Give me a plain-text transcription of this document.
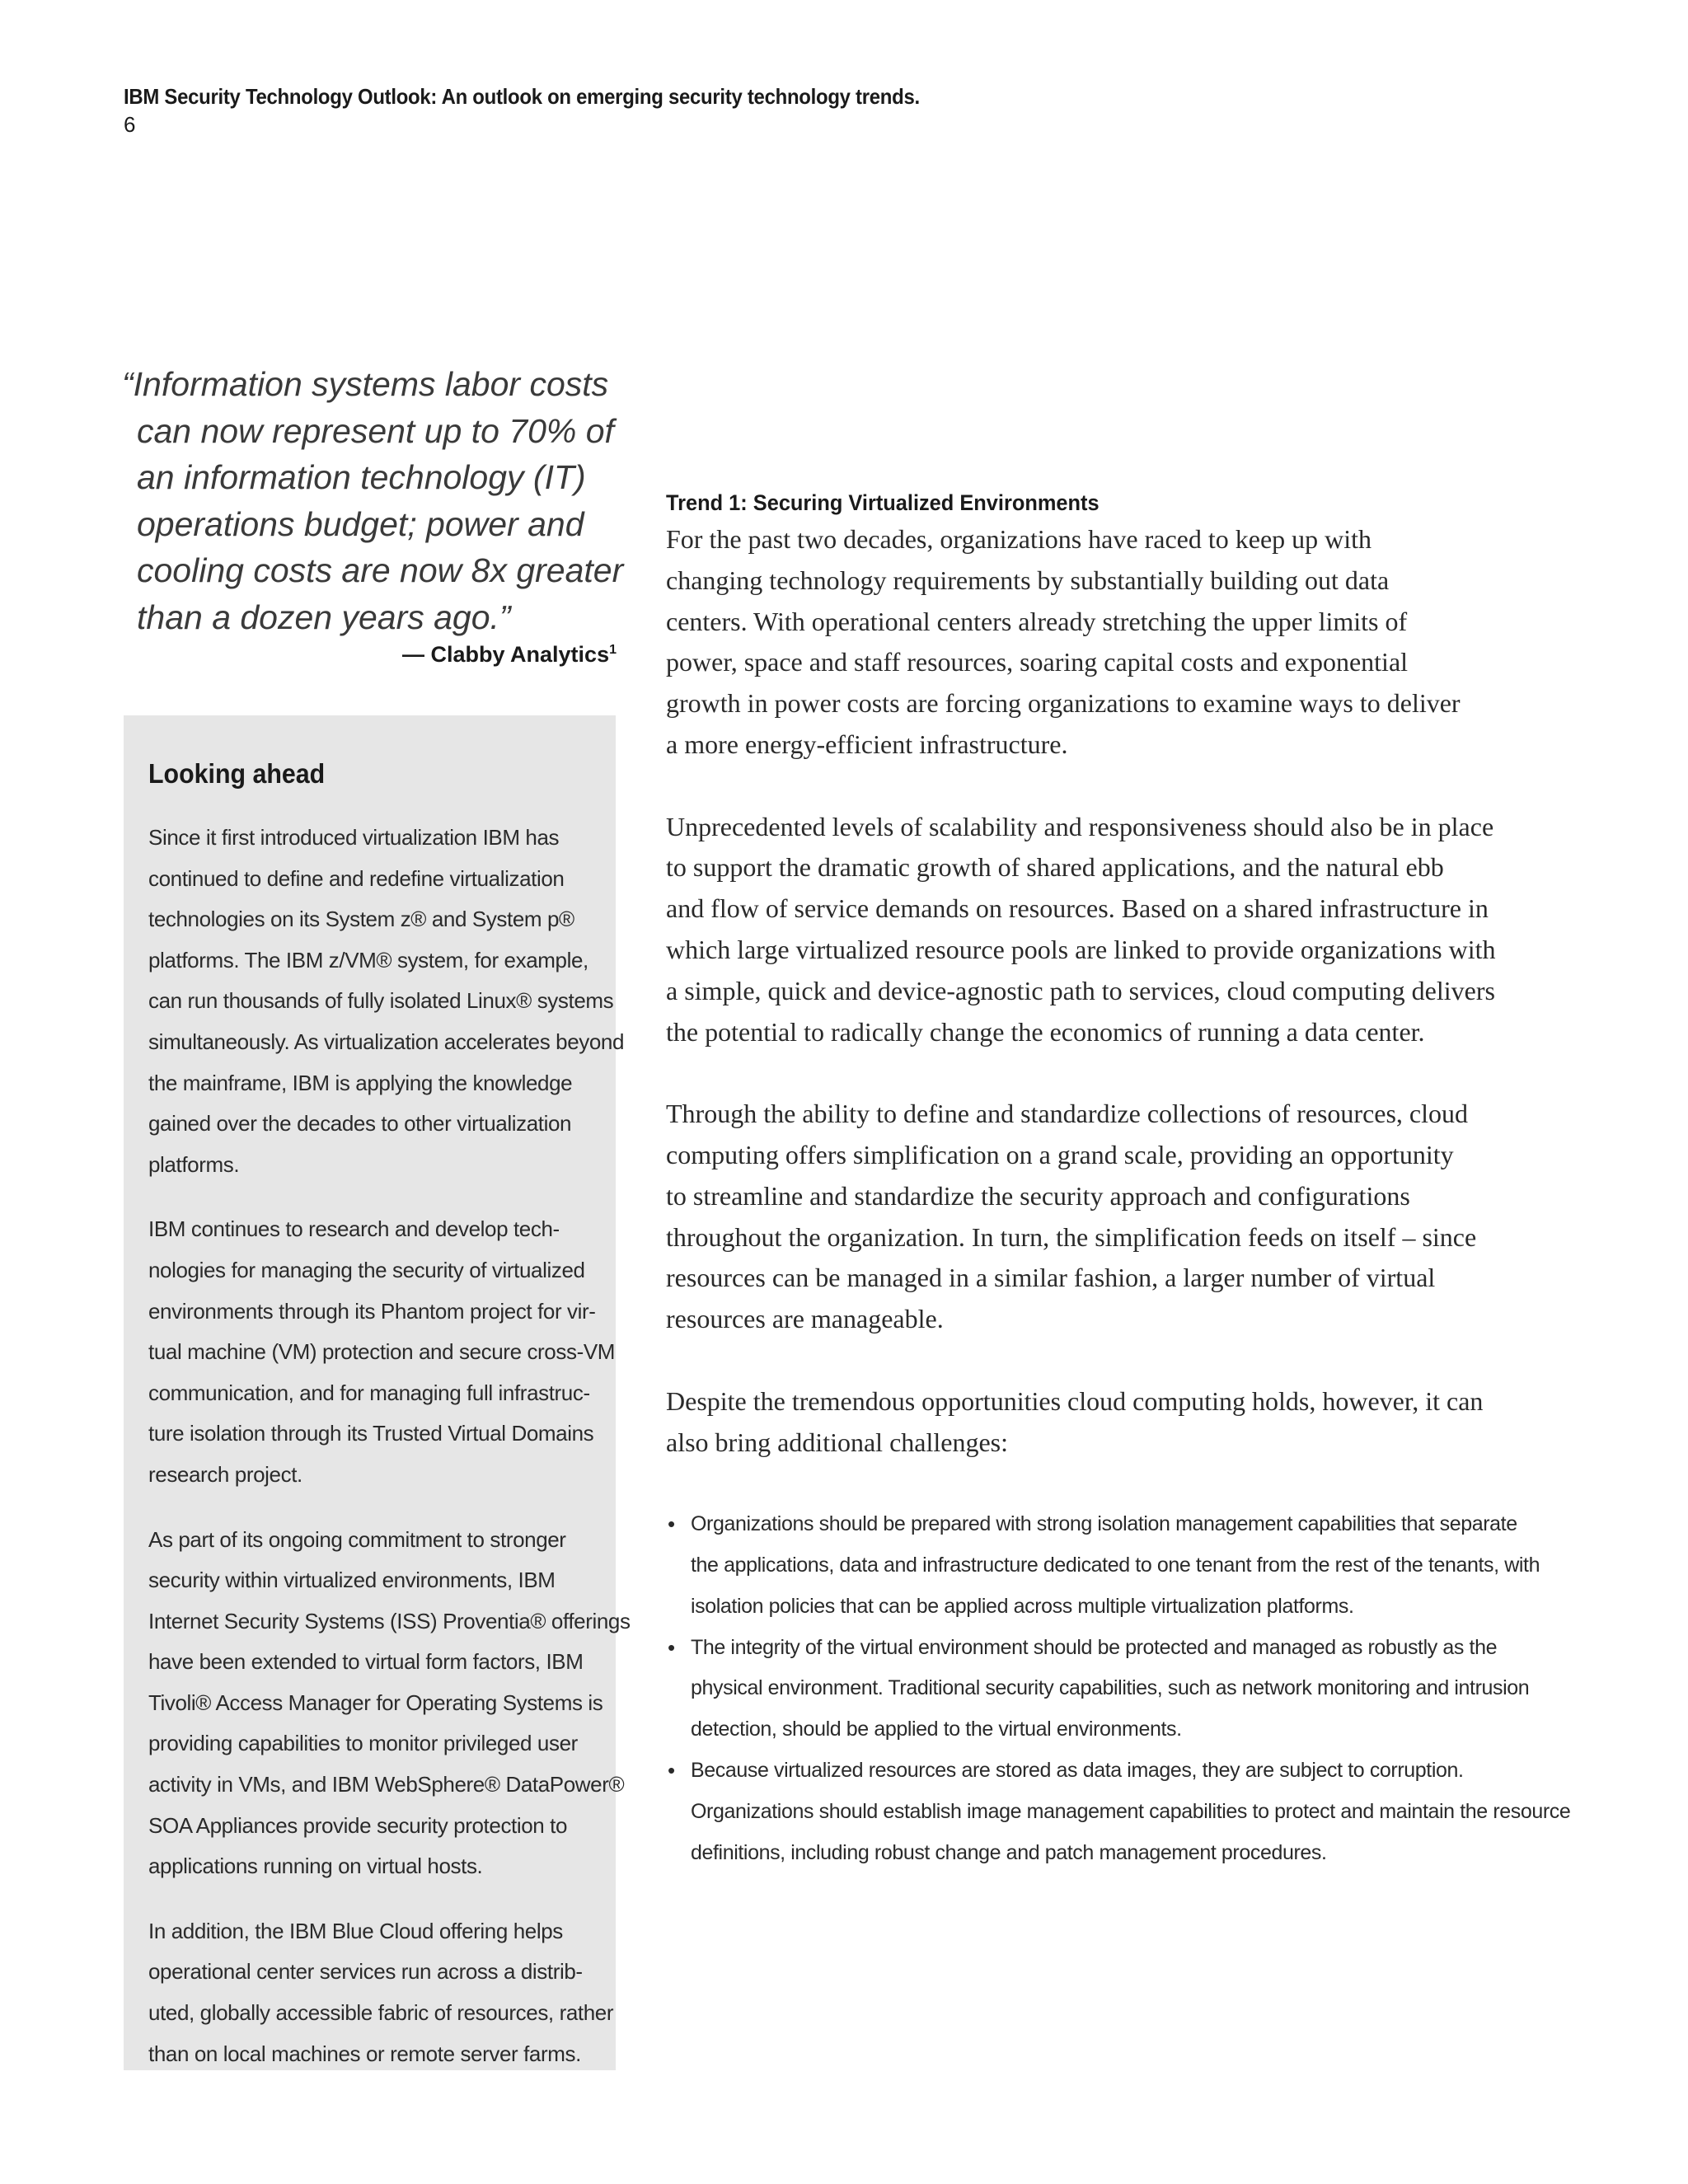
IBM Security Technology Outlook: An outlook on emerging security technology trends.
6
“Information systems labor costs
can now represent up to 70% of
an information technology (IT)
operations budget; power and
cooling costs are now 8x greater
than a dozen years ago.”
— Clabby Analytics$^1$
Looking ahead
Since it first introduced virtualization IBM has
continued to define and redefine virtualization
technologies on its System z® and System p®
platforms. The IBM z/VM® system, for example,
can run thousands of fully isolated Linux® systems
simultaneously. As virtualization accelerates beyond
the mainframe, IBM is applying the knowledge
gained over the decades to other virtualization
platforms.
IBM continues to research and develop tech-
nologies for managing the security of virtualized
environments through its Phantom project for vir-
tual machine (VM) protection and secure cross-VM
communication, and for managing full infrastruc-
ture isolation through its Trusted Virtual Domains
research project.
As part of its ongoing commitment to stronger
security within virtualized environments, IBM
Internet Security Systems (ISS) Proventia® offerings
have been extended to virtual form factors, IBM
Tivoli® Access Manager for Operating Systems is
providing capabilities to monitor privileged user
activity in VMs, and IBM WebSphere® DataPower®
SOA Appliances provide security protection to
applications running on virtual hosts.
In addition, the IBM Blue Cloud offering helps
operational center services run across a distrib-
uted, globally accessible fabric of resources, rather
than on local machines or remote server farms.
Trend 1: Securing Virtualized Environments
For the past two decades, organizations have raced to keep up with
changing technology requirements by substantially building out data
centers. With operational centers already stretching the upper limits of
power, space and staff resources, soaring capital costs and exponential
growth in power costs are forcing organizations to examine ways to deliver
a more energy-efficient infrastructure.
Unprecedented levels of scalability and responsiveness should also be in place
to support the dramatic growth of shared applications, and the natural ebb
and flow of service demands on resources. Based on a shared infrastructure in
which large virtualized resource pools are linked to provide organizations with
a simple, quick and device-agnostic path to services, cloud computing delivers
the potential to radically change the economics of running a data center.
Through the ability to define and standardize collections of resources, cloud
computing offers simplification on a grand scale, providing an opportunity
to streamline and standardize the security approach and configurations
throughout the organization. In turn, the simplification feeds on itself – since
resources can be managed in a similar fashion, a larger number of virtual
resources are manageable.
Despite the tremendous opportunities cloud computing holds, however, it can
also bring additional challenges:
• Organizations should be prepared with strong isolation management capabilities that separate
the applications, data and infrastructure dedicated to one tenant from the rest of the tenants, with
isolation policies that can be applied across multiple virtualization platforms.
• The integrity of the virtual environment should be protected and managed as robustly as the
physical environment. Traditional security capabilities, such as network monitoring and intrusion
detection, should be applied to the virtual environments.
• Because virtualized resources are stored as data images, they are subject to corruption.
Organizations should establish image management capabilities to protect and maintain the resource
definitions, including robust change and patch management procedures.
